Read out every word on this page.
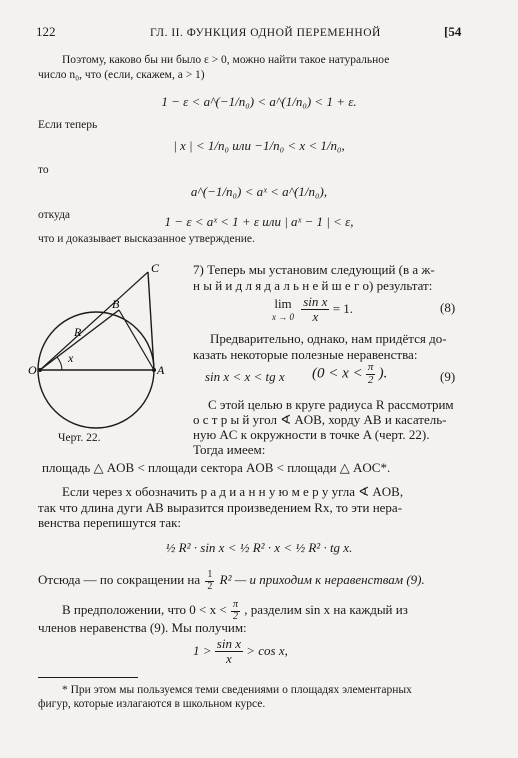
122	ГЛ. II. ФУНКЦИЯ ОДНОЙ ПЕРЕМЕННОЙ	[54
Поэтому, каково бы ни было ε > 0, можно найти такое натуральное
число n₀, что (если, скажем, a > 1)
1 − ε < a^(−1/n₀) < a^(1/n₀) < 1 + ε.
Если теперь
| x | < 1/n₀ или −1/n₀ < x < 1/n₀,
то
a^(−1/n₀) < aˣ < a^(1/n₀),
откуда	1 − ε < aˣ < 1 + ε или | aˣ − 1 | < ε,
что и доказывает высказанное утверждение.
C
B
R
x
O	A
Черт. 22.
7) Теперь мы установим следующий (в а ж-
н ы й и д л я д а л ь н е й ш е г о) результат:
lim
x → 0
$\frac{\text{sin x}}{x} = 1$.	(8)
Предварительно, однако, нам придётся до-
казать некоторые полезные неравенства:
sin x < x < tg x ($0 < x < \frac{\pi}{2}$ ).	(9)
С этой целью в круге радиуса R рассмотрим
о с т р ы й угол ∢ AOB, хорду AB и касатель-
ную AC к окружности в точке A (черт. 22).
Тогда имеем:
площадь △ AOB < площади сектора AOB < площади △ AOC*.
Если через x обозначить р а д и а н н у ю м е р у угла ∢ AOB,
так что длина дуги AB выразится произведением Rx, то эти нера-
венства перепишутся так:
½ R² · sin x < ½ R² · x < ½ R² · tg x.
Отсюда — по сокращении на $\frac{1}{2} R^2$ — и приходим к неравенствам (9).
В предположении, что $0 < x < \frac{\pi}{2}$ , разделим sin x на каждый из
членов неравенства (9). Мы получим:
$1 > \frac{\text{sin x}}{x} > \cos x$,
* При этом мы пользуемся теми сведениями о площадях элементарных
фигур, которые излагаются в школьном курсе.
